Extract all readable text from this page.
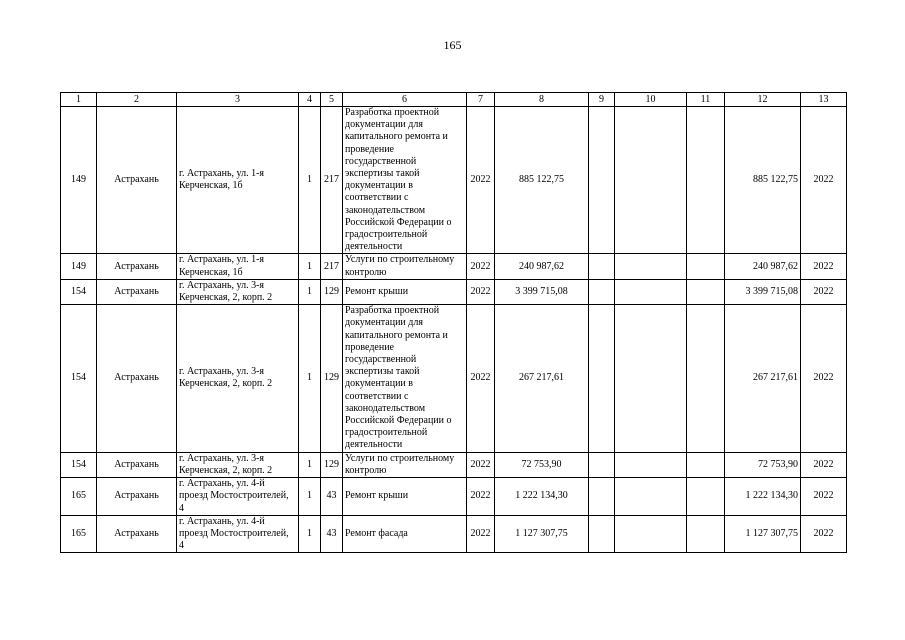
165
1	2	3	4	5	6	7	8	9	10	11	12	13
149	Астрахань	г. Астрахань, ул. 1-я Керченская, 1б	1	217	Разработка проектной документации для капитального ремонта и проведение государственной экспертизы такой документации в соответствии с законодательством Российской Федерации о градостроительной деятельности	2022	885 122,75				885 122,75	2022
149	Астрахань	г. Астрахань, ул. 1-я Керченская, 1б	1	217	Услуги по строительному контролю	2022	240 987,62				240 987,62	2022
154	Астрахань	г. Астрахань, ул. 3-я Керченская, 2, корп. 2	1	129	Ремонт крыши	2022	3 399 715,08				3 399 715,08	2022
154	Астрахань	г. Астрахань, ул. 3-я Керченская, 2, корп. 2	1	129	Разработка проектной документации для капитального ремонта и проведение государственной экспертизы такой документации в соответствии с законодательством Российской Федерации о градостроительной деятельности	2022	267 217,61				267 217,61	2022
154	Астрахань	г. Астрахань, ул. 3-я Керченская, 2, корп. 2	1	129	Услуги по строительному контролю	2022	72 753,90				72 753,90	2022
165	Астрахань	г. Астрахань, ул. 4-й проезд Мостостроителей, 4	1	43	Ремонт крыши	2022	1 222 134,30				1 222 134,30	2022
165	Астрахань	г. Астрахань, ул. 4-й проезд Мостостроителей, 4	1	43	Ремонт фасада	2022	1 127 307,75				1 127 307,75	2022
